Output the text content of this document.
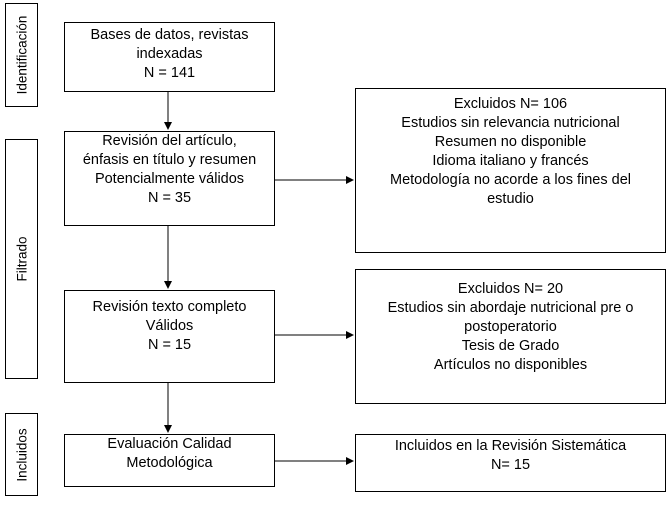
Identificación
Filtrado
Incluidos
Bases de datos, revistas
indexadas
N = 141
Revisión del artículo,
énfasis en título y resumen
Potencialmente válidos
N = 35
Excluidos N= 106
Estudios sin relevancia nutricional
Resumen no disponible
Idioma italiano y francés
Metodología no acorde a los fines del
estudio
Revisión texto completo
Válidos
N = 15
Excluidos N= 20
Estudios sin abordaje nutricional pre o
postoperatorio
Tesis de Grado
Artículos no disponibles
Evaluación Calidad
Metodológica
Incluidos en la Revisión Sistemática
N= 15
